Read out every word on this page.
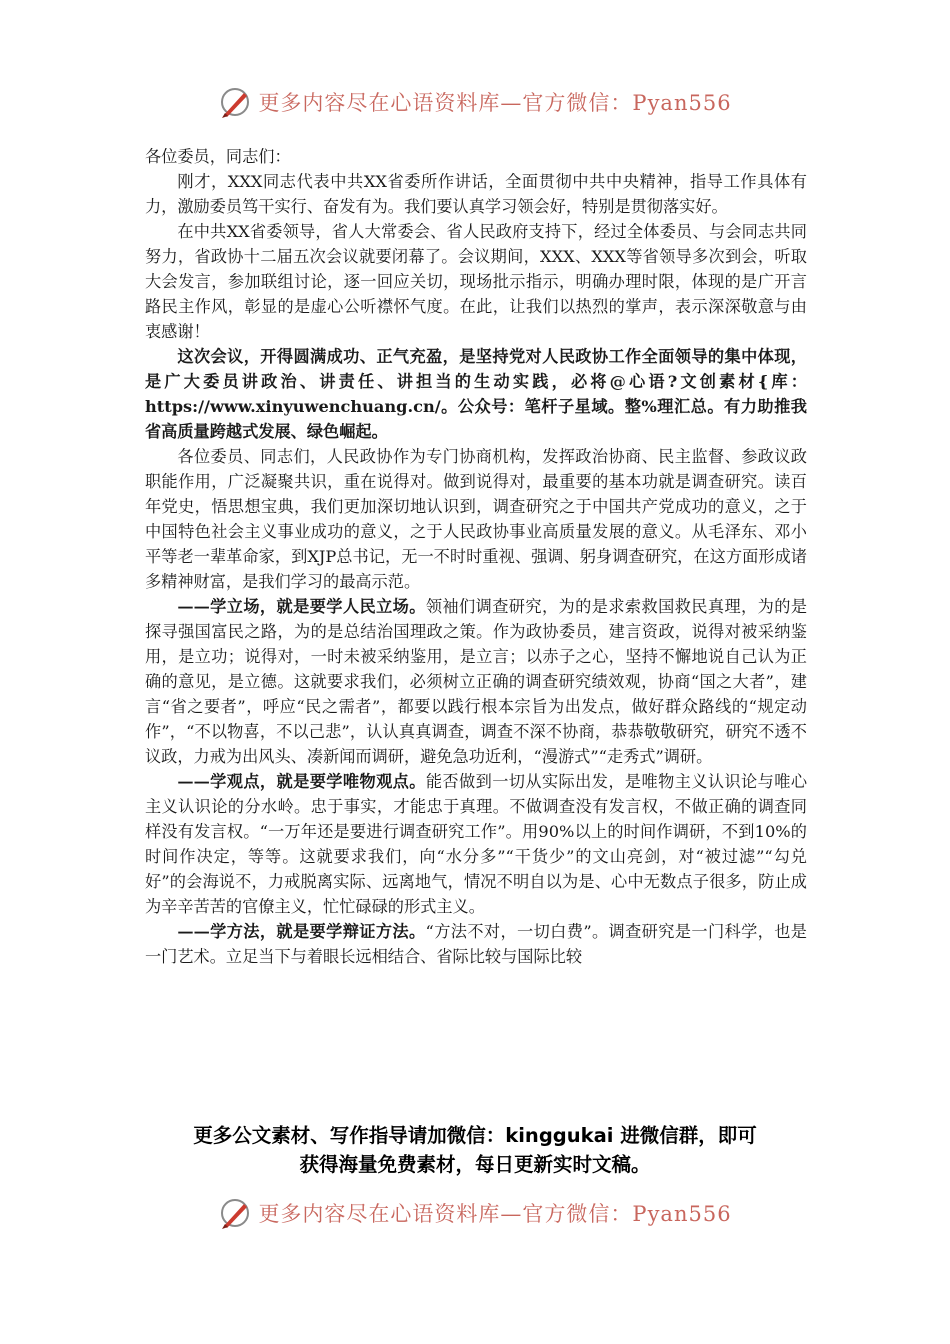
更多内容尽在心语资料库—官方微信：Pyan556

各位委员，同志们：

刚才，XXX同志代表中共XX省委所作讲话，全面贯彻中共中央精神，指导工作具体有力，激励委员笃干实行、奋发有为。我们要认真学习领会好，特别是贯彻落实好。

在中共XX省委领导，省人大常委会、省人民政府支持下，经过全体委员、与会同志共同努力，省政协十二届五次会议就要闭幕了。会议期间，XXX、XXX等省领导多次到会，听取大会发言，参加联组讨论，逐一回应关切，现场批示指示，明确办理时限，体现的是广开言路民主作风，彰显的是虚心公听襟怀气度。在此，让我们以热烈的掌声，表示深深敬意与由衷感谢！

这次会议，开得圆满成功、正气充盈，是坚持党对人民政协工作全面领导的集中体现，是广大委员讲政治、讲责任、讲担当的生动实践，必将@心语?文创素材{库：https://www.xinyuwenchuang.cn/。公众号：笔杆子星域。整%理汇总。有力助推我省高质量跨越式发展、绿色崛起。

各位委员、同志们，人民政协作为专门协商机构，发挥政治协商、民主监督、参政议政职能作用，广泛凝聚共识，重在说得对。做到说得对，最重要的基本功就是调查研究。读百年党史，悟思想宝典，我们更加深切地认识到，调查研究之于中国共产党成功的意义，之于中国特色社会主义事业成功的意义，之于人民政协事业高质量发展的意义。从毛泽东、邓小平等老一辈革命家，到XJP总书记，无一不时时重视、强调、躬身调查研究，在这方面形成诸多精神财富，是我们学习的最高示范。

——学立场，就是要学人民立场。领袖们调查研究，为的是求索救国救民真理，为的是探寻强国富民之路，为的是总结治国理政之策。作为政协委员，建言资政，说得对被采纳鉴用，是立功；说得对，一时未被采纳鉴用，是立言；以赤子之心，坚持不懈地说自己认为正确的意见，是立德。这就要求我们，必须树立正确的调查研究绩效观，协商“国之大者”，建言“省之要者”，呼应“民之需者”，都要以践行根本宗旨为出发点，做好群众路线的“规定动作”，“不以物喜，不以己悲”，认认真真调查，调查不深不协商，恭恭敬敬研究，研究不透不议政，力戒为出风头、凑新闻而调研，避免急功近利，“漫游式”“走秀式”调研。

——学观点，就是要学唯物观点。能否做到一切从实际出发，是唯物主义认识论与唯心主义认识论的分水岭。忠于事实，才能忠于真理。不做调查没有发言权，不做正确的调查同样没有发言权。“一万年还是要进行调查研究工作”。用90%以上的时间作调研，不到10%的时间作决定，等等。这就要求我们，向“水分多”“干货少”的文山亮剑，对“被过滤”“勾兑好”的会海说不，力戒脱离实际、远离地气，情况不明自以为是、心中无数点子很多，防止成为辛辛苦苦的官僚主义，忙忙碌碌的形式主义。

——学方法，就是要学辩证方法。“方法不对，一切白费”。调查研究是一门科学，也是一门艺术。立足当下与着眼长远相结合、省际比较与国际比较

更多公文素材、写作指导请加微信：kinggukai 进微信群，即可
获得海量免费素材，每日更新实时文稿。
更多内容尽在心语资料库—官方微信：Pyan556
